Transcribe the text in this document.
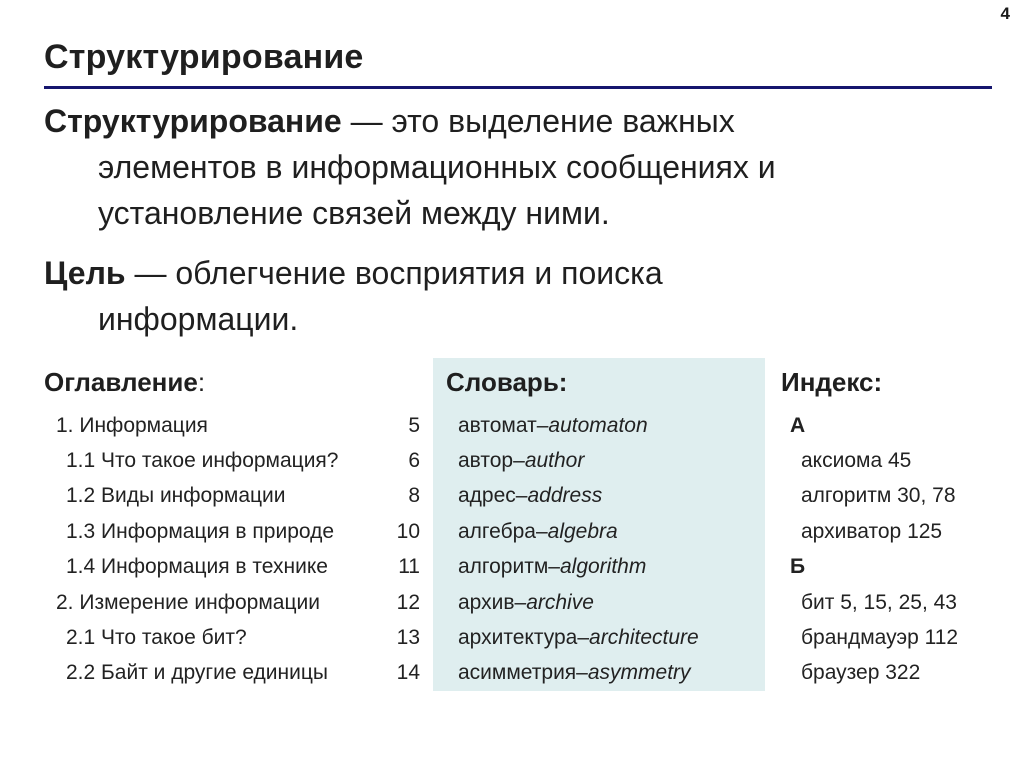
4
Структурирование
Структурирование — это выделение важных
элементов в информационных сообщениях и
установление связей между ними.
Цель — облегчение восприятия и поиска
информации.
Оглавление:	Словарь:	Индекс:
1. Информация	5
1.1 Что такое информация?	6
1.2 Виды информации	8
1.3 Информация в природе	10
1.4 Информация в технике	11
2. Измерение информации	12
2.1 Что такое бит?	13
2.2 Байт и другие единицы	14
автомат – automaton
автор – author
адрес – address
алгебра – algebra
алгоритм – algorithm
архив – archive
архитектура – architecture
асимметрия – asymmetry
А
аксиома 45
алгоритм 30, 78
архиватор 125
Б
бит 5, 15, 25, 43
брандмауэр 112
браузер 322
